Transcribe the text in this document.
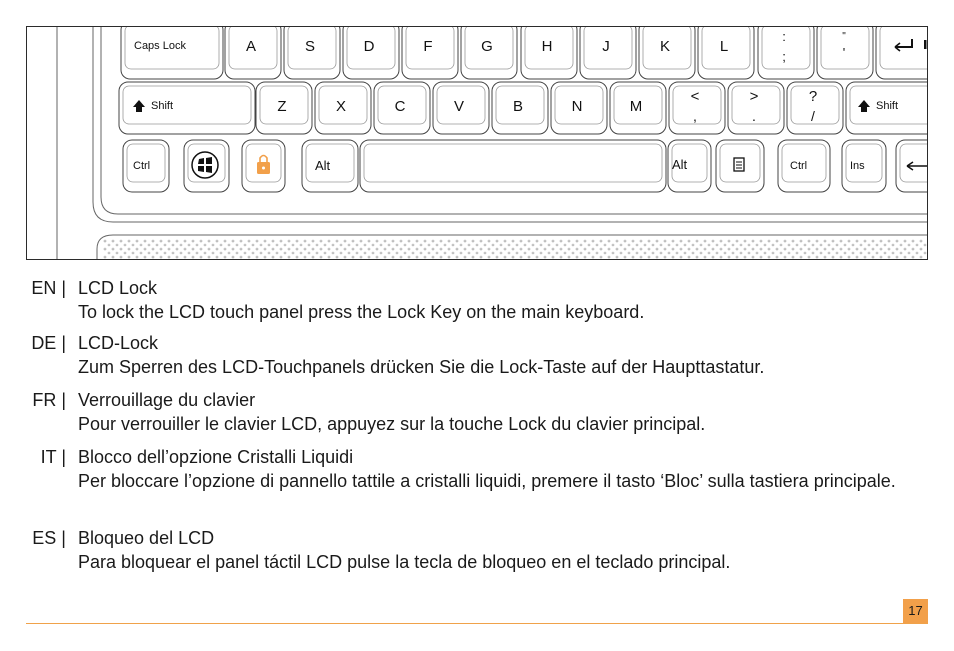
Caps Lock	A	S	D	F	G	H	J	K	L
:
;
"
'
Shift	Z	X	C	V	B	N	M
<
,
>
.
?
/
Shift
Ctrl	Alt	Alt	Ctrl	Ins
EN | LCD Lock
To lock the LCD touch panel press the Lock Key on the main keyboard.
DE | LCD-Lock
Zum Sperren des LCD-Touchpanels drücken Sie die Lock-Taste auf der Haupttastatur.
FR | Verrouillage du clavier
Pour verrouiller le clavier LCD, appuyez sur la touche Lock du clavier principal.
IT | Blocco dell’opzione Cristalli Liquidi
Per bloccare l’opzione di pannello tattile a cristalli liquidi, premere il tasto ‘Bloc’ sulla tastiera principale.
ES | Bloqueo del LCD
Para bloquear el panel táctil LCD pulse la tecla de bloqueo en el teclado principal.
17
